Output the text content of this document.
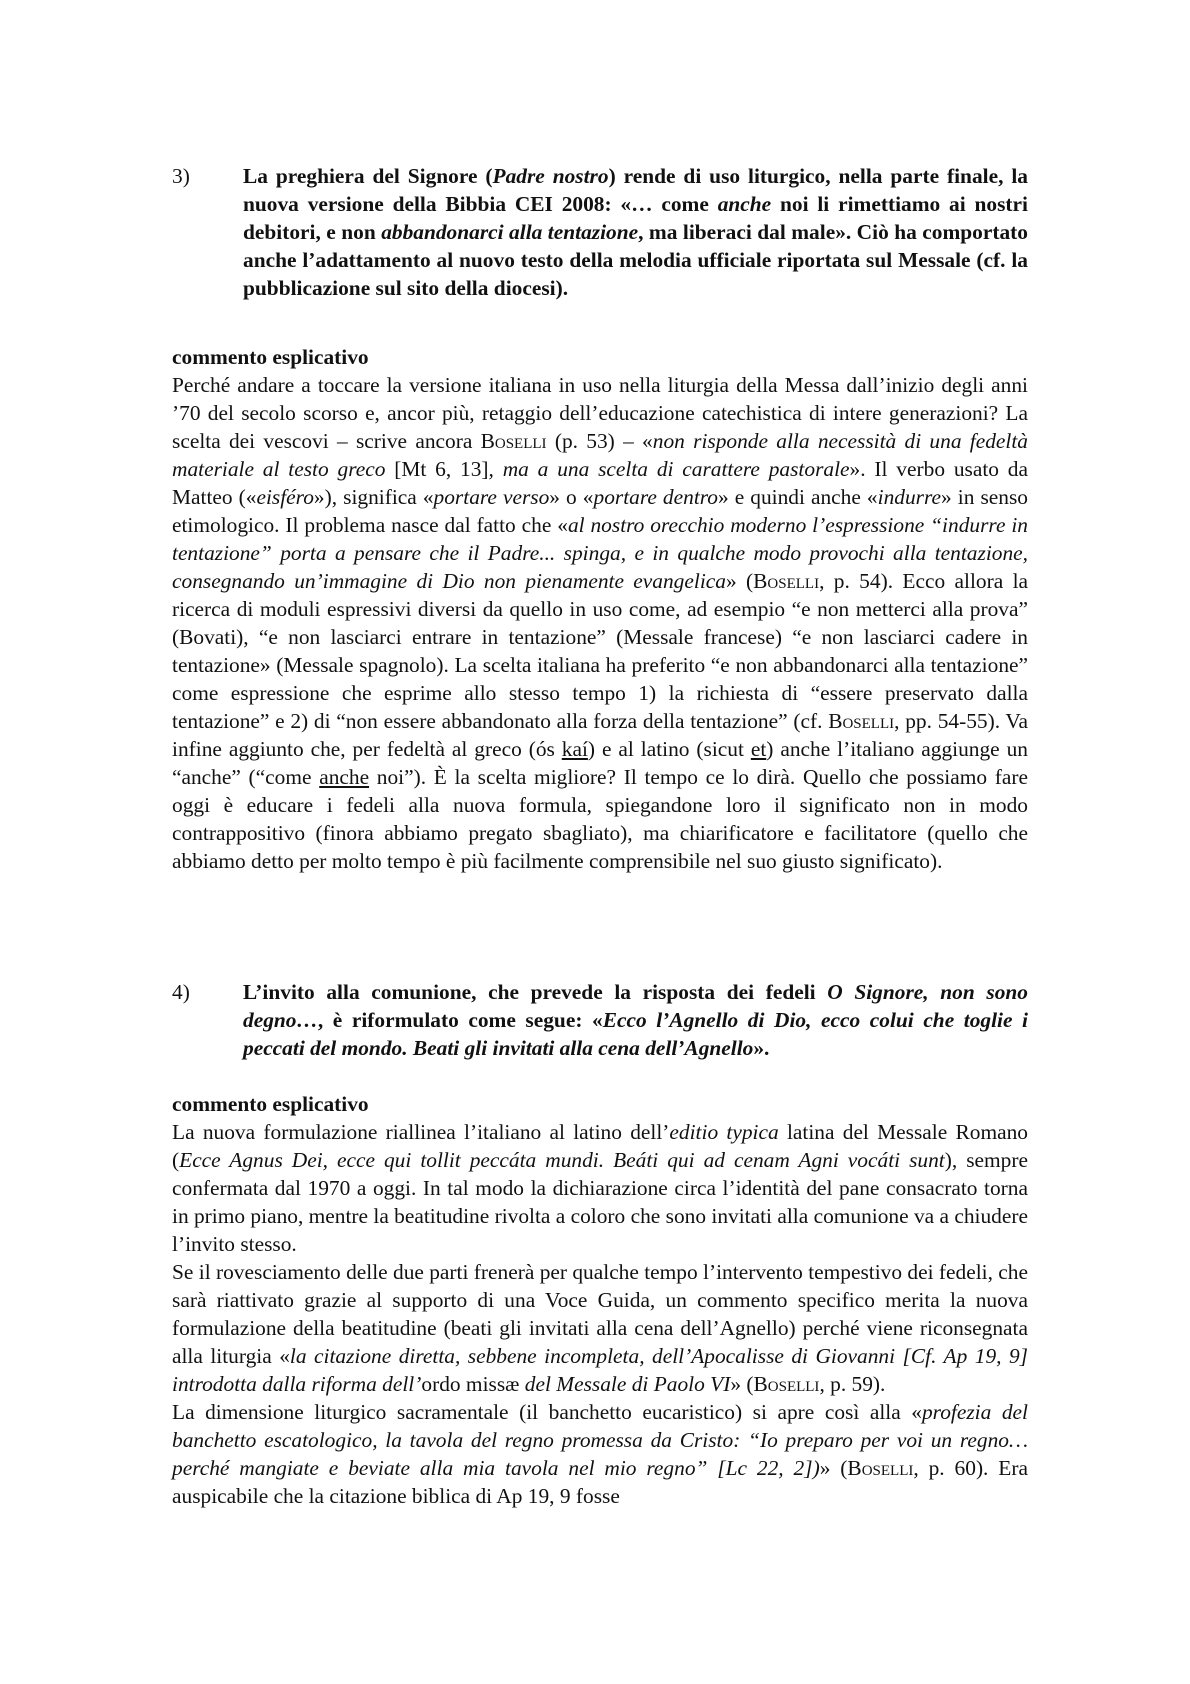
3) La preghiera del Signore (Padre nostro) rende di uso liturgico, nella parte finale, la nuova versione della Bibbia CEI 2008: «… come anche noi li rimettiamo ai nostri debitori, e non abbandonarci alla tentazione, ma liberaci dal male». Ciò ha comportato anche l’adattamento al nuovo testo della melodia ufficiale riportata sul Messale (cf. la pubblicazione sul sito della diocesi).
commento esplicativo

Perché andare a toccare la versione italiana in uso nella liturgia della Messa dall’inizio degli anni ’70 del secolo scorso e, ancor più, retaggio dell’educazione catechistica di intere generazioni? La scelta dei vescovi – scrive ancora Boselli (p. 53) – «non risponde alla necessità di una fedeltà materiale al testo greco [Mt 6, 13], ma a una scelta di carattere pastorale». Il verbo usato da Matteo («eisféro»), significa «portare verso» o «portare dentro» e quindi anche «indurre» in senso etimologico. Il problema nasce dal fatto che «al nostro orecchio moderno l’espressione “indurre in tentazione” porta a pensare che il Padre... spinga, e in qualche modo provochi alla tentazione, consegnando un’immagine di Dio non pienamente evangelica» (Boselli, p. 54). Ecco allora la ricerca di moduli espressivi diversi da quello in uso come, ad esempio “e non metterci alla prova” (Bovati), “e non lasciarci entrare in tentazione” (Messale francese) “e non lasciarci cadere in tentazione» (Messale spagnolo). La scelta italiana ha preferito “e non abbandonarci alla tentazione” come espressione che esprime allo stesso tempo 1) la richiesta di “essere preservato dalla tentazione” e 2) di “non essere abbandonato alla forza della tentazione” (cf. Boselli, pp. 54-55). Va infine aggiunto che, per fedeltà al greco (ós kaí) e al latino (sicut et) anche l’italiano aggiunge un “anche” (“come anche noi”). È la scelta migliore? Il tempo ce lo dirà. Quello che possiamo fare oggi è educare i fedeli alla nuova formula, spiegandone loro il significato non in modo contrappositivo (finora abbiamo pregato sbagliato), ma chiarificatore e facilitatore (quello che abbiamo detto per molto tempo è più facilmente comprensibile nel suo giusto significato).

4) L’invito alla comunione, che prevede la risposta dei fedeli O Signore, non sono degno…, è riformulato come segue: «Ecco l’Agnello di Dio, ecco colui che toglie i peccati del mondo. Beati gli invitati alla cena dell’Agnello».
commento esplicativo

La nuova formulazione riallinea l’italiano al latino dell’editio typica latina del Messale Romano (Ecce Agnus Dei, ecce qui tollit peccáta mundi. Beáti qui ad cenam Agni vocáti sunt), sempre confermata dal 1970 a oggi. In tal modo la dichiarazione circa l’identità del pane consacrato torna in primo piano, mentre la beatitudine rivolta a coloro che sono invitati alla comunione va a chiudere l’invito stesso.

Se il rovesciamento delle due parti frenerà per qualche tempo l’intervento tempestivo dei fedeli, che sarà riattivato grazie al supporto di una Voce Guida, un commento specifico merita la nuova formulazione della beatitudine (beati gli invitati alla cena dell’Agnello) perché viene riconsegnata alla liturgia «la citazione diretta, sebbene incompleta, dell’Apocalisse di Giovanni [Cf. Ap 19, 9] introdotta dalla riforma dell’ordo missæ del Messale di Paolo VI» (Boselli, p. 59).

La dimensione liturgico sacramentale (il banchetto eucaristico) si apre così alla «profezia del banchetto escatologico, la tavola del regno promessa da Cristo: “Io preparo per voi un regno… perché mangiate e beviate alla mia tavola nel mio regno” [Lc 22, 2])» (Boselli, p. 60). Era auspicabile che la citazione biblica di Ap 19, 9 fosse
